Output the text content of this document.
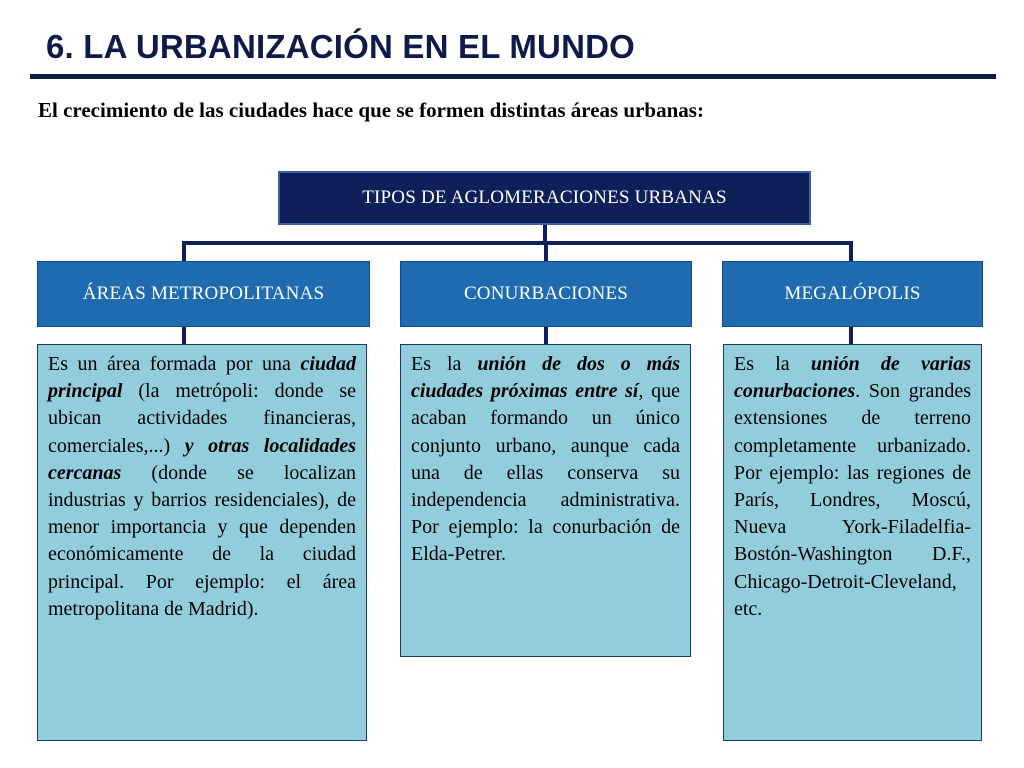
6. LA URBANIZACIÓN EN EL MUNDO
El crecimiento de las ciudades hace que se formen distintas áreas urbanas:
TIPOS DE AGLOMERACIONES URBANAS
ÁREAS METROPOLITANAS	CONURBACIONES	MEGALÓPOLIS
Es un área formada por una ciudad principal (la metrópoli: donde se ubican actividades financieras, comerciales,...) y otras localidades cercanas (donde se localizan industrias y barrios residenciales), de menor importancia y que dependen económicamente de la ciudad principal. Por ejemplo: el área metropolitana de Madrid).
Es la unión de dos o más ciudades próximas entre sí, que acaban formando un único conjunto urbano, aunque cada una de ellas conserva su independencia administrativa. Por ejemplo: la conurbación de Elda-Petrer.
Es la unión de varias conurbaciones. Son grandes extensiones de terreno completamente urbanizado. Por ejemplo: las regiones de París, Londres, Moscú, Nueva York-Filadelfia-Bostón-Washington D.F., Chicago-Detroit-Cleveland, etc.
